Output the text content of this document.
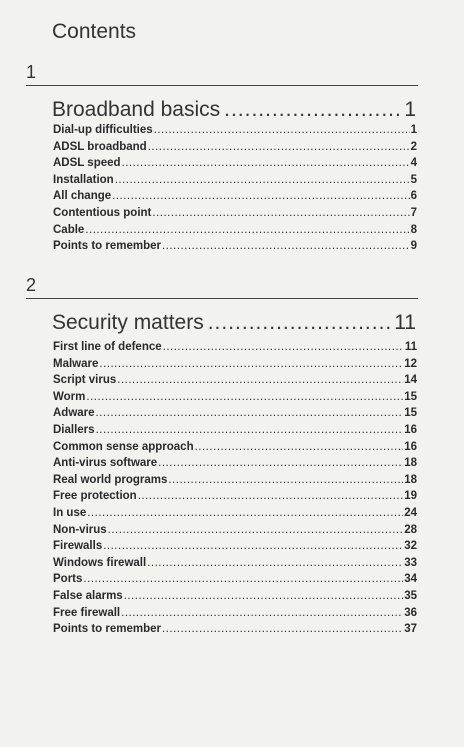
Contents
1
Broadband basics .....	1
Dial-up difficulties .....	1
ADSL broadband .....	2
ADSL speed .....	4
Installation .....	5
All change .....	6
Contentious point .....	7
Cable .....	8
Points to remember .....	9
2
Security matters .....	11
First line of defence .....	11
Malware .....	12
Script virus .....	14
Worm .....	15
Adware .....	15
Diallers .....	16
Common sense approach .....	16
Anti-virus software .....	18
Real world programs .....	18
Free protection .....	19
In use .....	24
Non-virus .....	28
Firewalls .....	32
Windows firewall .....	33
Ports .....	34
False alarms .....	35
Free firewall .....	36
Points to remember .....	37
